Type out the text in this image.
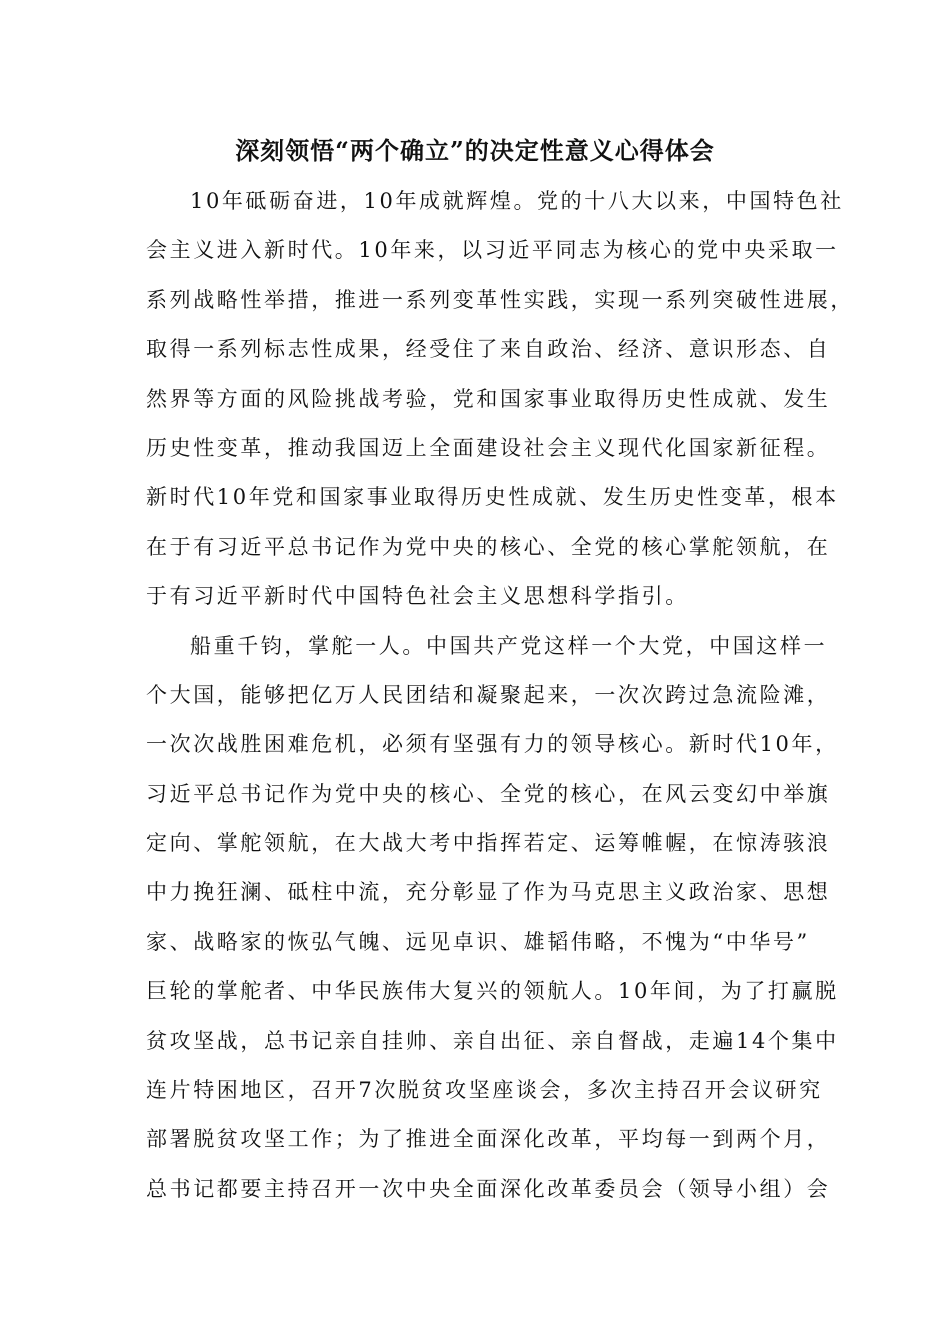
深刻领悟“两个确立”的决定性意义心得体会

10年砥砺奋进，10年成就辉煌。党的十八大以来，中国特色社
会主义进入新时代。10年来，以习近平同志为核心的党中央采取一
系列战略性举措，推进一系列变革性实践，实现一系列突破性进展，
取得一系列标志性成果，经受住了来自政治、经济、意识形态、自
然界等方面的风险挑战考验，党和国家事业取得历史性成就、发生
历史性变革，推动我国迈上全面建设社会主义现代化国家新征程。
新时代10年党和国家事业取得历史性成就、发生历史性变革，根本
在于有习近平总书记作为党中央的核心、全党的核心掌舵领航，在
于有习近平新时代中国特色社会主义思想科学指引。

船重千钧，掌舵一人。中国共产党这样一个大党，中国这样一
个大国，能够把亿万人民团结和凝聚起来，一次次跨过急流险滩，
一次次战胜困难危机，必须有坚强有力的领导核心。新时代10年，
习近平总书记作为党中央的核心、全党的核心，在风云变幻中举旗
定向、掌舵领航，在大战大考中指挥若定、运筹帷幄，在惊涛骇浪
中力挽狂澜、砥柱中流，充分彰显了作为马克思主义政治家、思想
家、战略家的恢弘气魄、远见卓识、雄韬伟略，不愧为“中华号”
巨轮的掌舵者、中华民族伟大复兴的领航人。10年间，为了打赢脱
贫攻坚战，总书记亲自挂帅、亲自出征、亲自督战，走遍14个集中
连片特困地区，召开7次脱贫攻坚座谈会，多次主持召开会议研究
部署脱贫攻坚工作；为了推进全面深化改革，平均每一到两个月，
总书记都要主持召开一次中央全面深化改革委员会（领导小组）会
